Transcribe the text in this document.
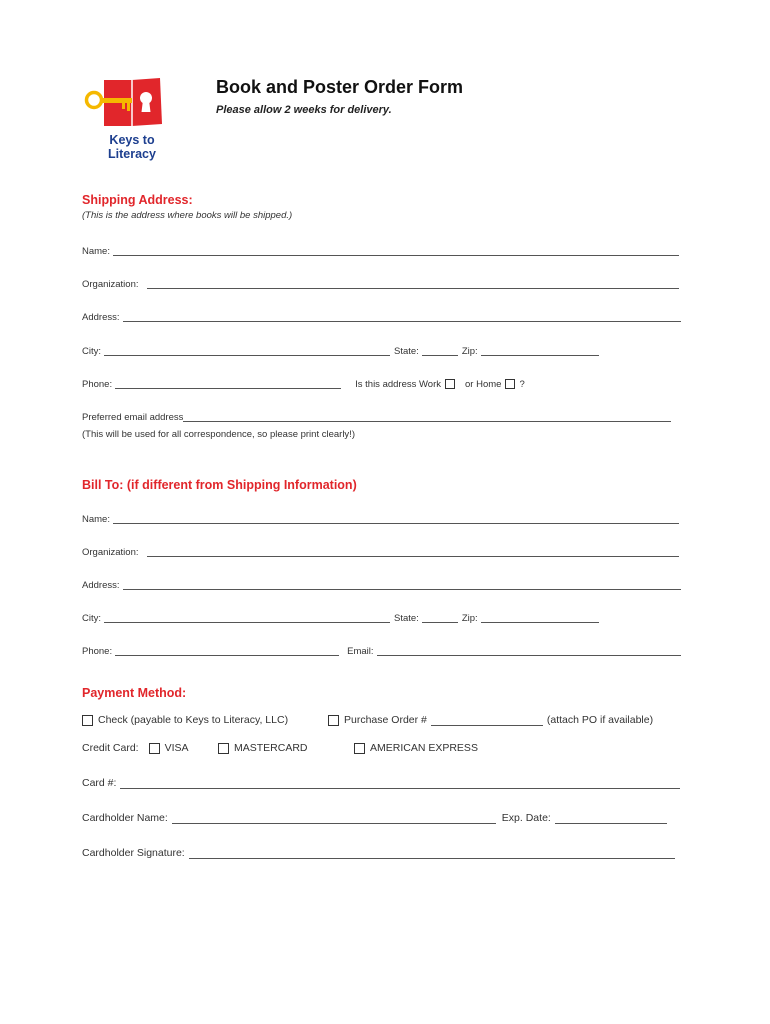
Keys to
Literacy
Book and Poster Order Form
Please allow 2 weeks for delivery.
Shipping Address:
(This is the address where books will be shipped.)
Name:
Organization:
Address:
City:	State:	Zip:
Phone:	Is this address Work	or Home ?
Preferred email address
(This will be used for all correspondence, so please print clearly!)
Bill To: (if different from Shipping Information)
Name:
Organization:
Address:
City:	State:	Zip:
Phone:	Email:
Payment Method:
Check (payable to Keys to Literacy, LLC)	Purchase Order #	(attach PO if available)
Credit Card: VISA	MASTERCARD	AMERICAN EXPRESS
Card #:
Cardholder Name:	Exp. Date:
Cardholder Signature:
